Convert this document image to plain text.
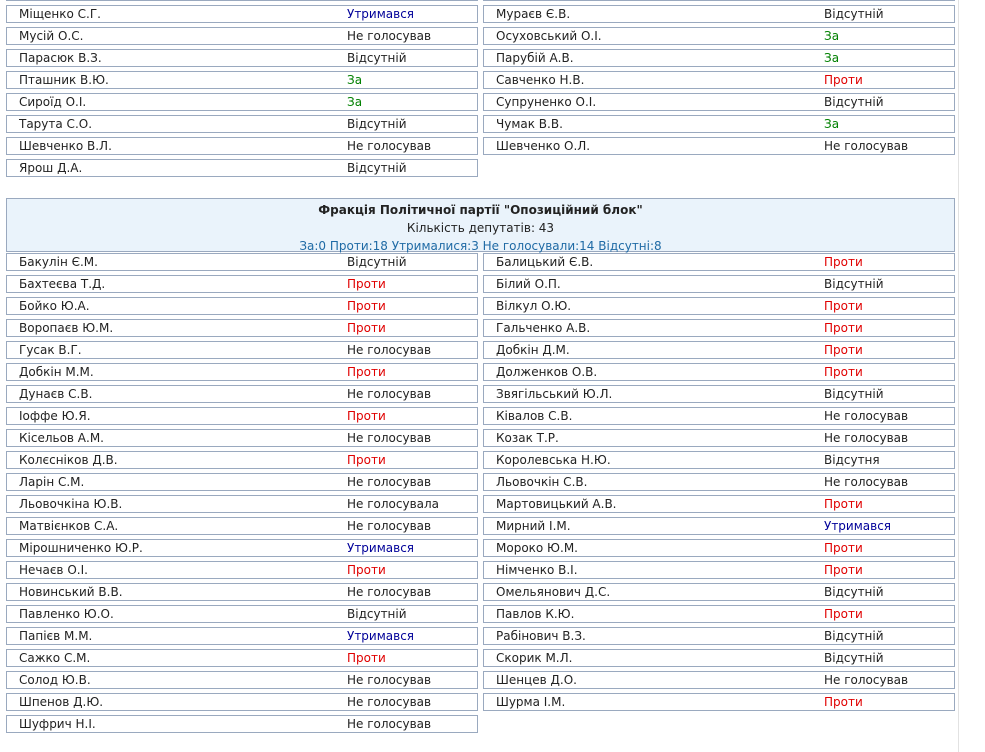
Міщенко С.Г.	Утримався	Мураєв Є.В.	Відсутній
Мусій О.С.	Не голосував	Осуховський О.І.	За
Парасюк В.З.	Відсутній	Парубій А.В.	За
Пташник В.Ю.	За	Савченко Н.В.	Проти
Сироїд О.І.	За	Супруненко О.І.	Відсутній
Тарута С.О.	Відсутній	Чумак В.В.	За
Шевченко В.Л.	Не голосував	Шевченко О.Л.	Не голосував
Ярош Д.А.	Відсутній
Фракція Політичної партії "Опозиційний блок"
Кількість депутатів: 43
За:0 Проти:18 Утрималися:3 Не голосували:14 Відсутні:8
Бакулін Є.М.	Відсутній	Балицький Є.В.	Проти
Бахтеєва Т.Д.	Проти	Білий О.П.	Відсутній
Бойко Ю.А.	Проти	Вілкул О.Ю.	Проти
Воропаєв Ю.М.	Проти	Гальченко А.В.	Проти
Гусак В.Г.	Не голосував	Добкін Д.М.	Проти
Добкін М.М.	Проти	Долженков О.В.	Проти
Дунаєв С.В.	Не голосував	Звягільський Ю.Л.	Відсутній
Іоффе Ю.Я.	Проти	Ківалов С.В.	Не голосував
Кісельов А.М.	Не голосував	Козак Т.Р.	Не голосував
Колєсніков Д.В.	Проти	Королевська Н.Ю.	Відсутня
Ларін С.М.	Не голосував	Льовочкін С.В.	Не голосував
Льовочкіна Ю.В.	Не голосувала	Мартовицький А.В.	Проти
Матвієнков С.А.	Не голосував	Мирний І.М.	Утримався
Мірошниченко Ю.Р.	Утримався	Мороко Ю.М.	Проти
Нечаєв О.І.	Проти	Німченко В.І.	Проти
Новинський В.В.	Не голосував	Омельянович Д.С.	Відсутній
Павленко Ю.О.	Відсутній	Павлов К.Ю.	Проти
Папієв М.М.	Утримався	Рабінович В.З.	Відсутній
Сажко С.М.	Проти	Скорик М.Л.	Відсутній
Солод Ю.В.	Не голосував	Шенцев Д.О.	Не голосував
Шпенов Д.Ю.	Не голосував	Шурма І.М.	Проти
Шуфрич Н.І.	Не голосував
